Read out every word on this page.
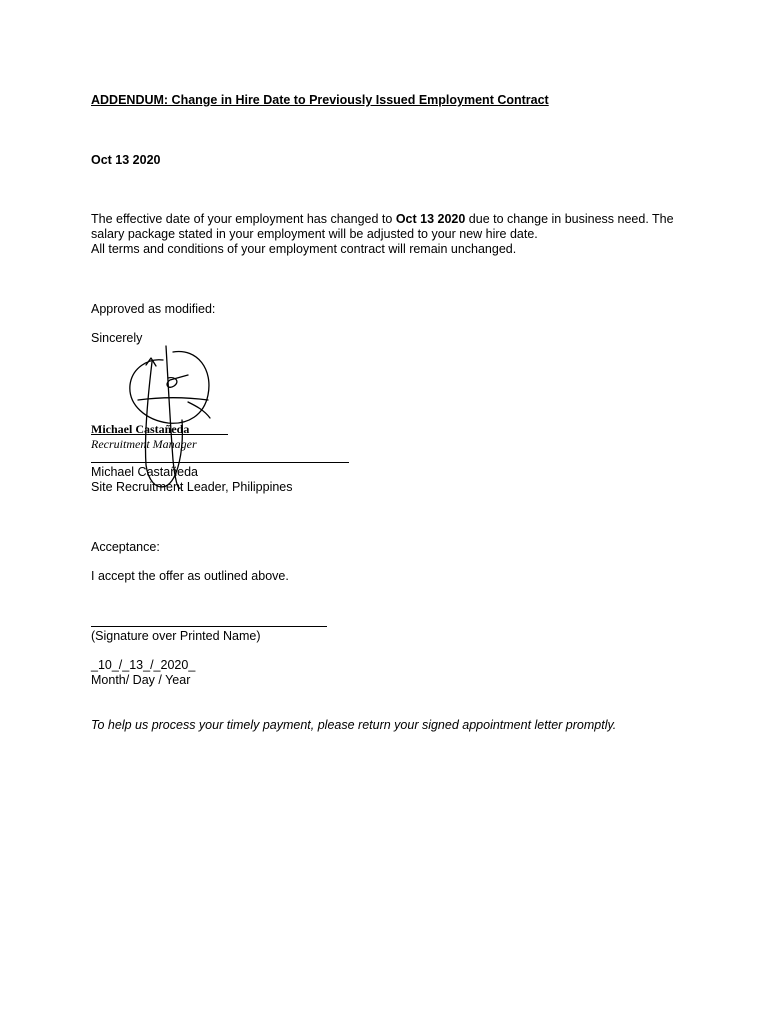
ADDENDUM: Change in Hire Date to Previously Issued Employment Contract
Oct 13 2020
The effective date of your employment has changed to Oct 13 2020 due to change in business need. The
salary package stated in your employment will be adjusted to your new hire date.
All terms and conditions of your employment contract will remain unchanged.
Approved as modified:
Sincerely
Michael Castañeda
Recruitment Manager
Michael Castañeda
Site Recruitment Leader, Philippines
Acceptance:
I accept the offer as outlined above.
(Signature over Printed Name)
_10_/_13_/_2020_
Month/ Day / Year
To help us process your timely payment, please return your signed appointment letter promptly.
